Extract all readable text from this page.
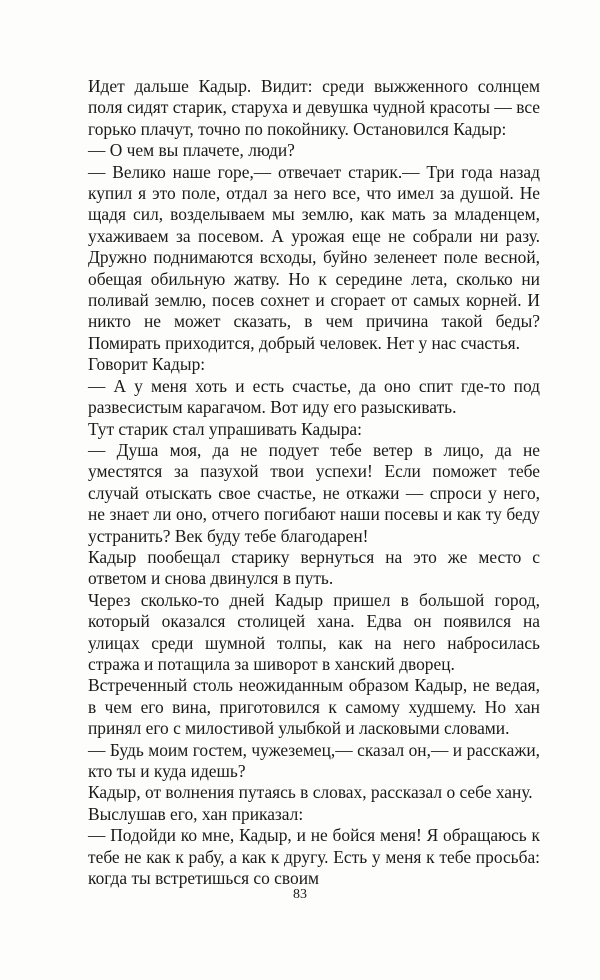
Идет дальше Кадыр. Видит: среди выжженного солнцем поля сидят старик, старуха и девушка чудной красоты — все горько плачут, точно по покойнику. Остановился Кадыр:

— О чем вы плачете, люди?

— Велико наше горе,— отвечает старик.— Три года назад купил я это поле, отдал за него все, что имел за душой. Не щадя сил, возделываем мы землю, как мать за младенцем, ухаживаем за посевом. А урожая еще не собрали ни разу. Дружно поднимаются всходы, буйно зеленеет поле весной, обещая обильную жатву. Но к середине лета, сколько ни поливай землю, посев сохнет и сгорает от самых корней. И никто не может сказать, в чем причина такой беды? Помирать приходится, добрый человек. Нет у нас счастья.

Говорит Кадыр:

— А у меня хоть и есть счастье, да оно спит где-то под развесистым карагачом. Вот иду его разыскивать.

Тут старик стал упрашивать Кадыра:

— Душа моя, да не подует тебе ветер в лицо, да не уместятся за пазухой твои успехи! Если поможет тебе случай отыскать свое счастье, не откажи — спроси у него, не знает ли оно, отчего погибают наши посевы и как ту беду устранить? Век буду тебе благодарен!

Кадыр пообещал старику вернуться на это же место с ответом и снова двинулся в путь.

Через сколько-то дней Кадыр пришел в большой город, который оказался столицей хана. Едва он появился на улицах среди шумной толпы, как на него набросилась стража и потащила за шиворот в ханский дворец.

Встреченный столь неожиданным образом Кадыр, не ведая, в чем его вина, приготовился к самому худшему. Но хан принял его с милостивой улыбкой и ласковыми словами.

— Будь моим гостем, чужеземец,— сказал он,— и расскажи, кто ты и куда идешь?

Кадыр, от волнения путаясь в словах, рассказал о себе хану.

Выслушав его, хан приказал:

— Подойди ко мне, Кадыр, и не бойся меня! Я обращаюсь к тебе не как к рабу, а как к другу. Есть у меня к тебе просьба: когда ты встретишься со своим

83
